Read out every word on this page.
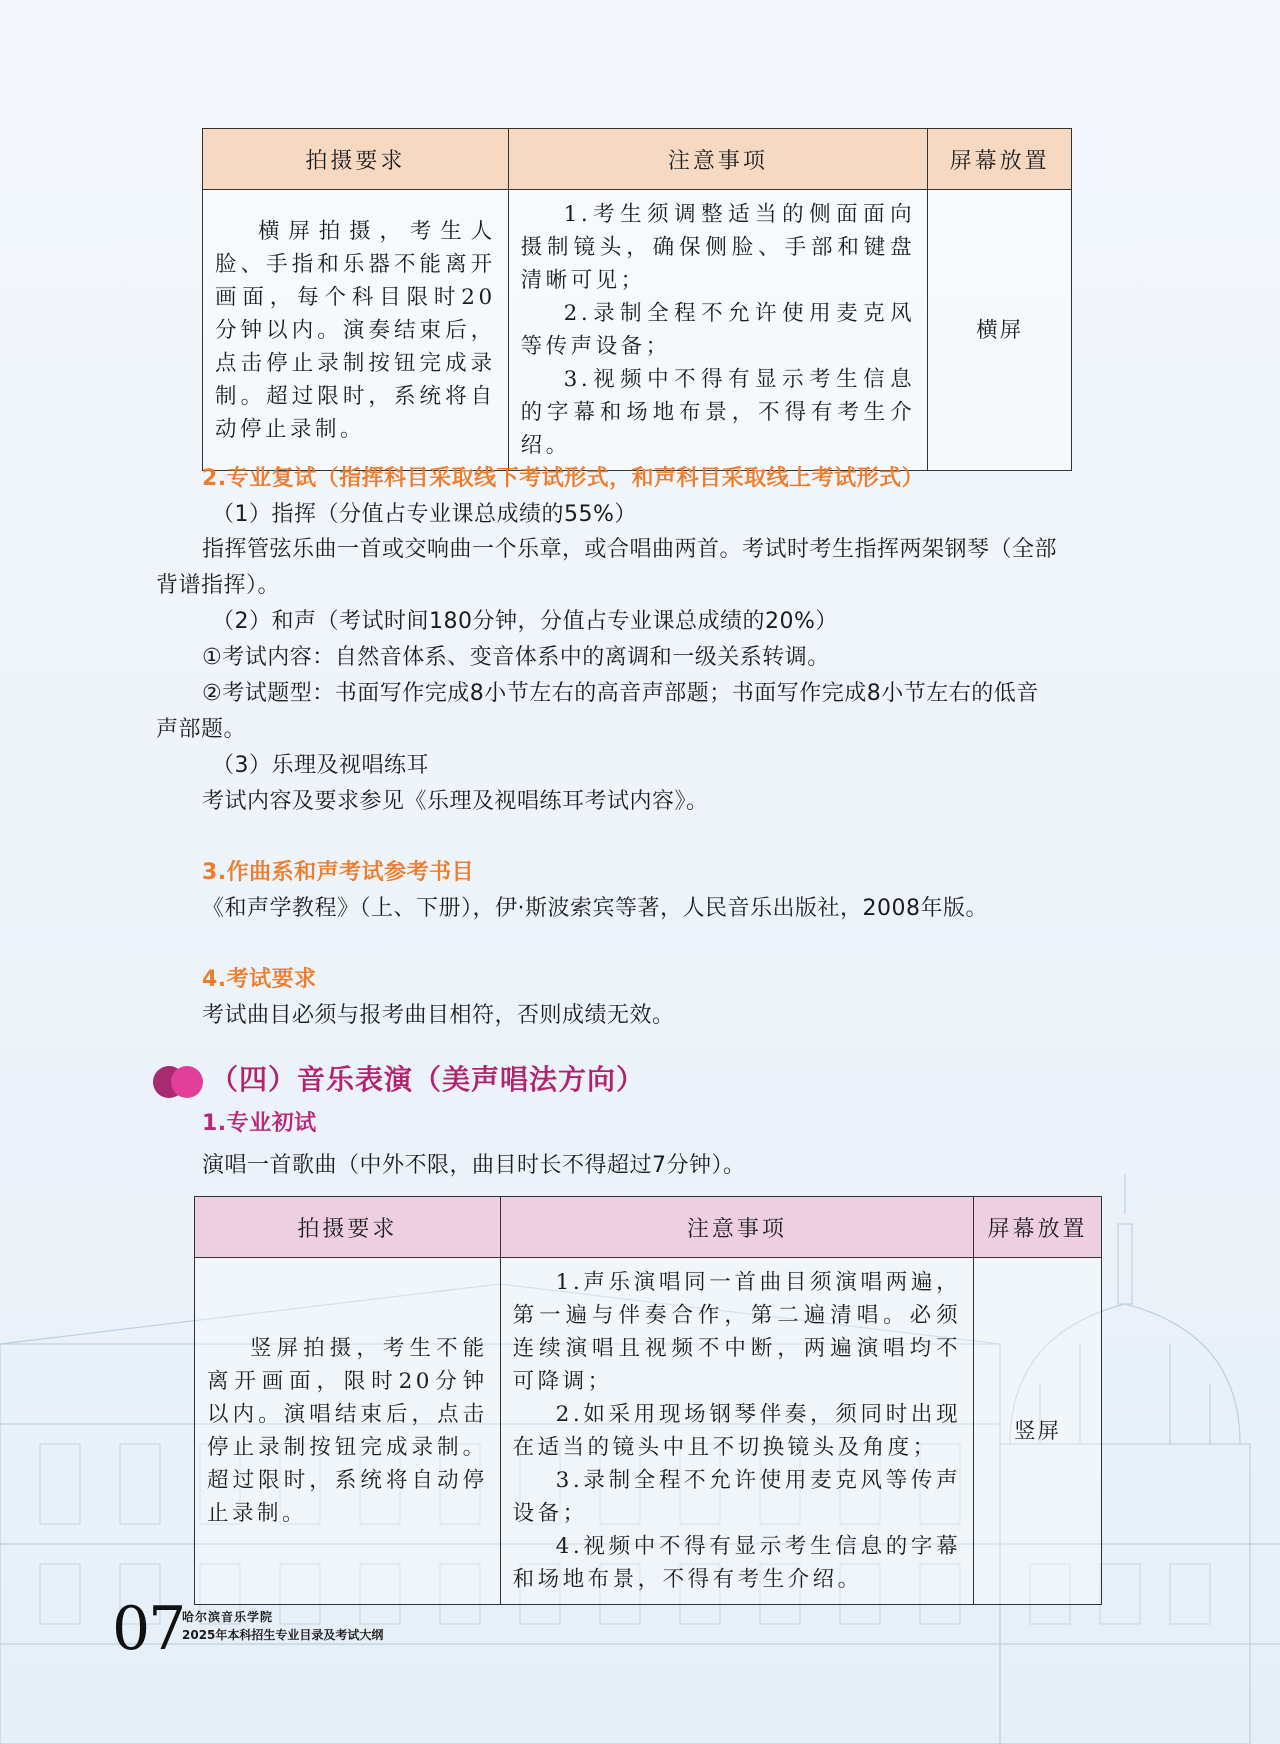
拍摄要求	注意事项	屏幕放置

横屏拍摄，考生人脸、手指和乐器不能离开画面，每个科目限时20分钟以内。演奏结束后，点击停止录制按钮完成录制。超过限时，系统将自动停止录制。	1.考生须调整适当的侧面面向摄制镜头，确保侧脸、手部和键盘清晰可见；
2.录制全程不允许使用麦克风等传声设备；
3.视频中不得有显示考生信息的字幕和场地布景，不得有考生介绍。	横屏
2.专业复试（指挥科目采取线下考试形式，和声科目采取线上考试形式）
（1）指挥（分值占专业课总成绩的55%）
指挥管弦乐曲一首或交响曲一个乐章，或合唱曲两首。考试时考生指挥两架钢琴（全部
背谱指挥）。
（2）和声（考试时间180分钟，分值占专业课总成绩的20%）
①考试内容：自然音体系、变音体系中的离调和一级关系转调。
②考试题型：书面写作完成8小节左右的高音声部题；书面写作完成8小节左右的低音
声部题。
（3）乐理及视唱练耳
考试内容及要求参见《乐理及视唱练耳考试内容》。
3.作曲系和声考试参考书目
《和声学教程》（上、下册），伊·斯波索宾等著，人民音乐出版社，2008年版。
4.考试要求
考试曲目必须与报考曲目相符，否则成绩无效。
（四）音乐表演（美声唱法方向）
1.专业初试
演唱一首歌曲（中外不限，曲目时长不得超过7分钟）。
拍摄要求	注意事项	屏幕放置

竖屏拍摄，考生不能离开画面，限时20分钟以内。演唱结束后，点击停止录制按钮完成录制。超过限时，系统将自动停止录制。	1.声乐演唱同一首曲目须演唱两遍，第一遍与伴奏合作，第二遍清唱。必须连续演唱且视频不中断，两遍演唱均不可降调；
2.如采用现场钢琴伴奏，须同时出现在适当的镜头中且不切换镜头及角度；
3.录制全程不允许使用麦克风等传声设备；
4.视频中不得有显示考生信息的字幕和场地布景，不得有考生介绍。	竖屏
07
哈尔滨音乐学院
2025年本科招生专业目录及考试大纲
